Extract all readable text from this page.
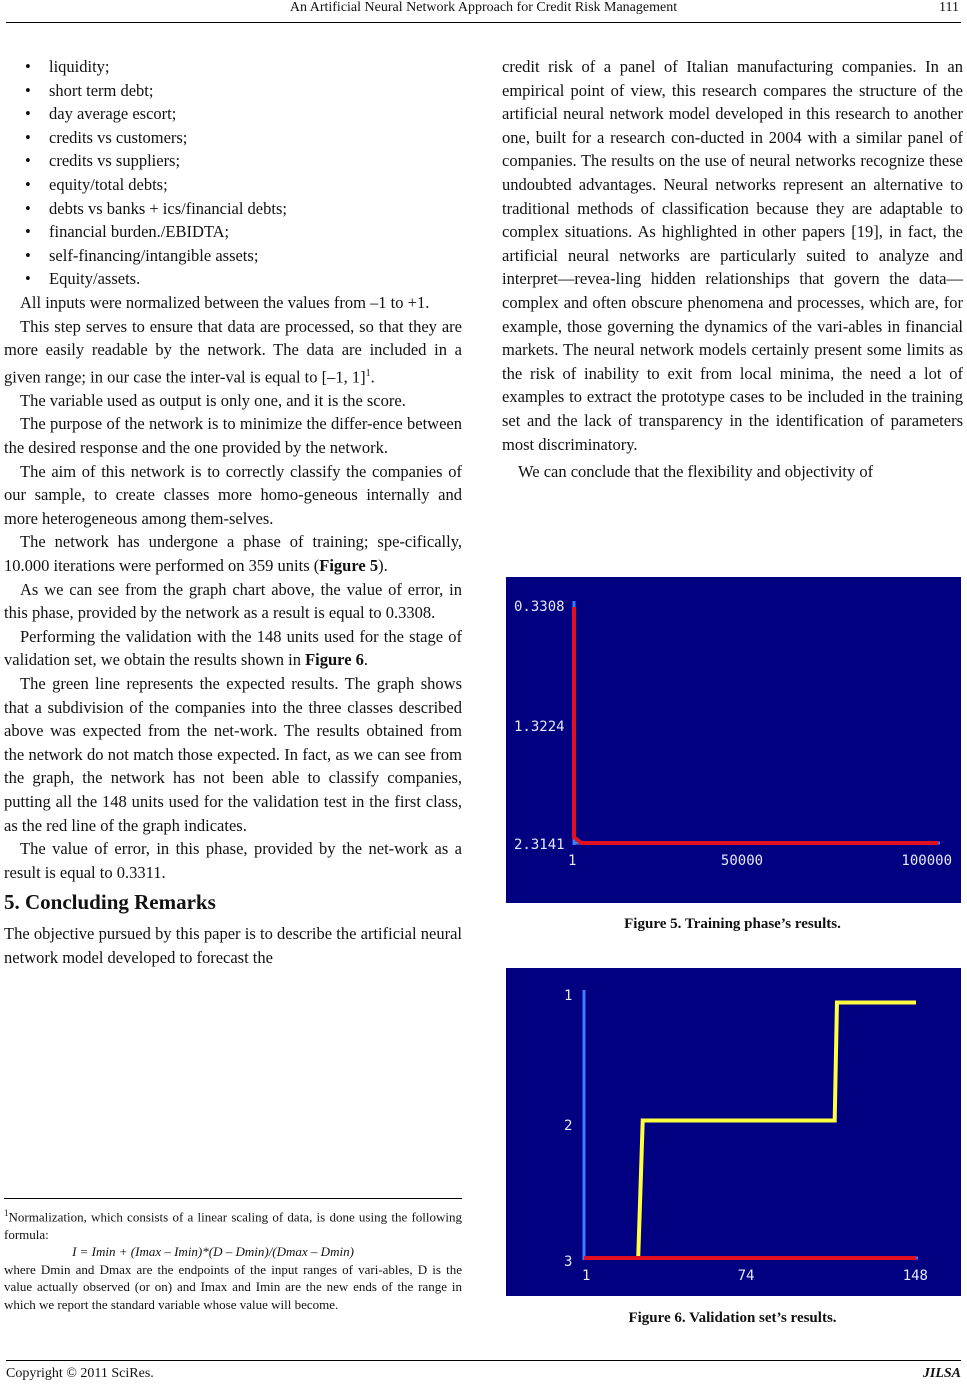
An Artificial Neural Network Approach for Credit Risk Management	111
• liquidity;
• short term debt;
• day average escort;
• credits vs customers;
• credits vs suppliers;
• equity/total debts;
• debts vs banks + ics/financial debts;
• financial burden./EBIDTA;
• self-financing/intangible assets;
• Equity/assets.

All inputs were normalized between the values from –1 to +1.

This step serves to ensure that data are processed, so that they are more easily readable by the network. The data are included in a given range; in our case the inter-val is equal to [–1, 1]$^1$.

The variable used as output is only one, and it is the score.

The purpose of the network is to minimize the differ-ence between the desired response and the one provided by the network.

The aim of this network is to correctly classify the companies of our sample, to create classes more homo-geneous internally and more heterogeneous among them-selves.

The network has undergone a phase of training; spe-cifically, 10.000 iterations were performed on 359 units (Figure 5).

As we can see from the graph chart above, the value of error, in this phase, provided by the network as a result is equal to 0.3308.

Performing the validation with the 148 units used for the stage of validation set, we obtain the results shown in Figure 6.

The green line represents the expected results. The graph shows that a subdivision of the companies into the three classes described above was expected from the net-work. The results obtained from the network do not match those expected. In fact, as we can see from the graph, the network has not been able to classify companies, putting all the 148 units used for the validation test in the first class, as the red line of the graph indicates.

The value of error, in this phase, provided by the net-work as a result is equal to 0.3311.

5. Concluding Remarks

The objective pursued by this paper is to describe the artificial neural network model developed to forecast the

$^1$Normalization, which consists of a linear scaling of data, is done using the following formula:
I = Imin + (Imax – Imin)*(D – Dmin)/(Dmax – Dmin)
where Dmin and Dmax are the endpoints of the input ranges of vari-ables, D is the value actually observed (or on) and Imax and Imin are the new ends of the range in which we report the standard variable whose value will become.

credit risk of a panel of Italian manufacturing companies. In an empirical point of view, this research compares the structure of the artificial neural network model developed in this research to another one, built for a research con-ducted in 2004 with a similar panel of companies. The results on the use of neural networks recognize these undoubted advantages. Neural networks represent an alternative to traditional methods of classification because they are adaptable to complex situations. As highlighted in other papers [19], in fact, the artificial neural networks are particularly suited to analyze and interpret—revea-ling hidden relationships that govern the data—complex and often obscure phenomena and processes, which are, for example, those governing the dynamics of the vari-ables in financial markets. The neural network models certainly present some limits as the risk of inability to exit from local minima, the need a lot of examples to extract the prototype cases to be included in the training set and the lack of transparency in the identification of parameters most discriminatory.

We can conclude that the flexibility and objectivity of

0.3308
1.3224
2.3141
1	50000	100000
Figure 5. Training phase’s results.
1
2
3
1	74	148
Figure 6. Validation set’s results.
Copyright © 2011 SciRes.	JILSA
